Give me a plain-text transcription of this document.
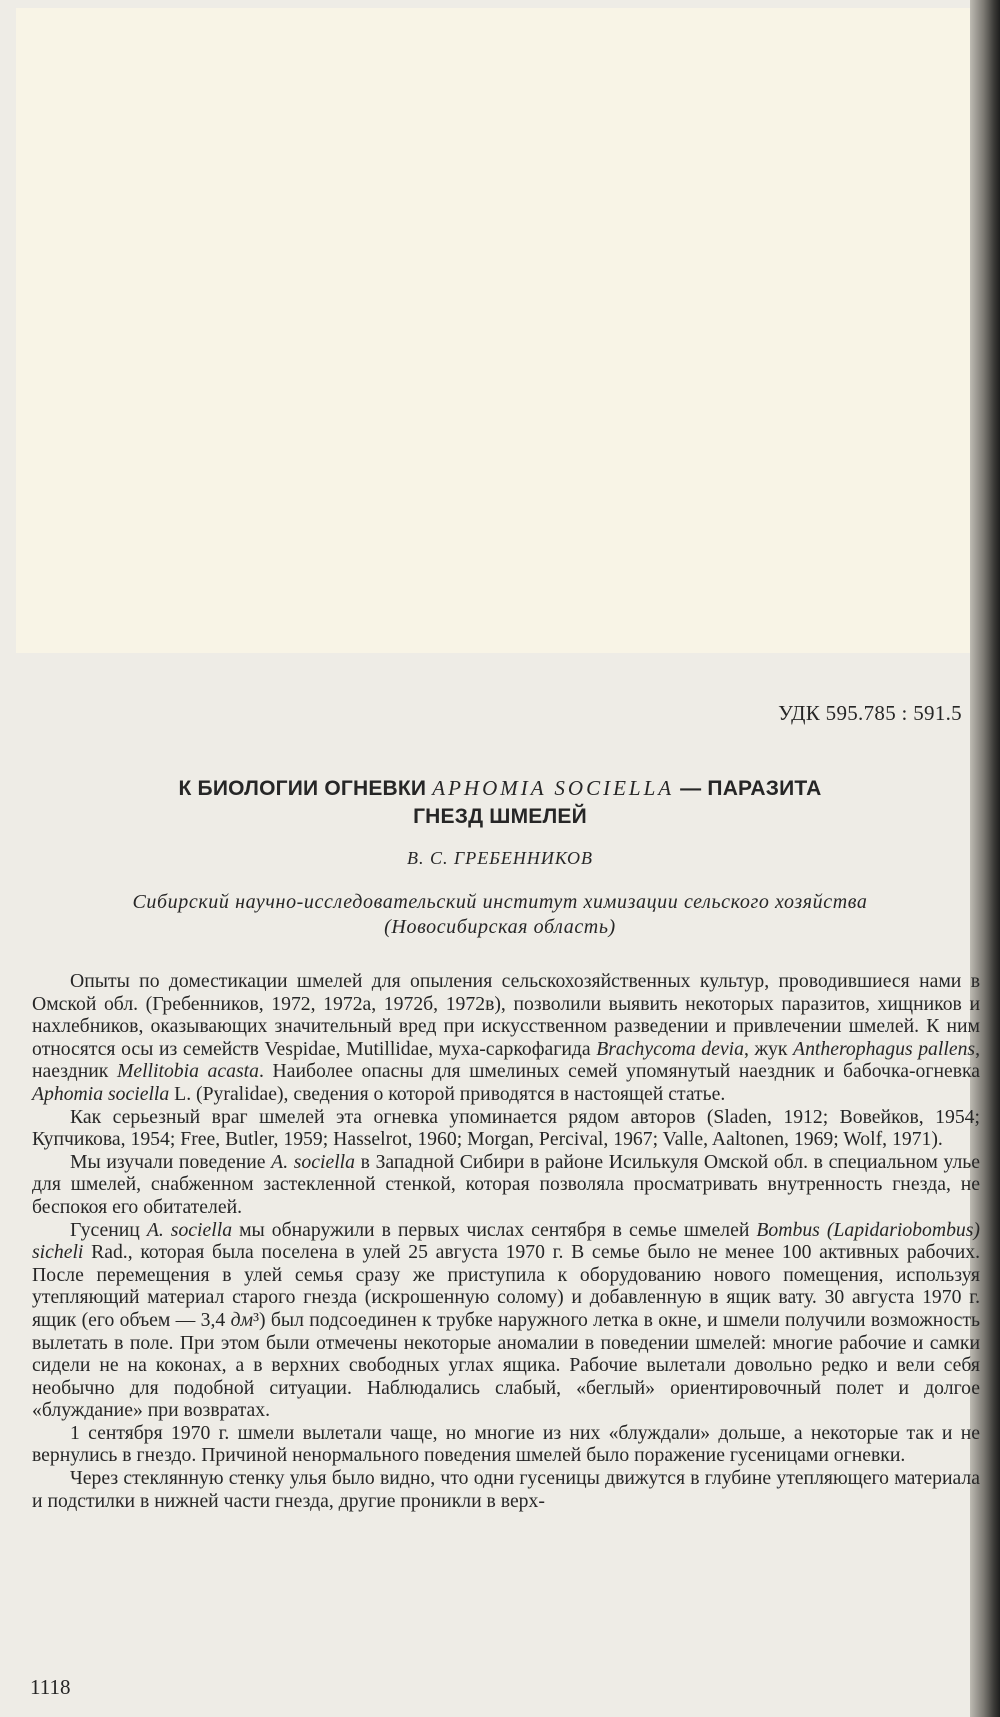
УДК 595.785 : 591.5
К БИОЛОГИИ ОГНЕВКИ APHOMIA SOCIELLA — ПАРАЗИТА
ГНЕЗД ШМЕЛЕЙ
В. С. ГРЕБЕННИКОВ
Сибирский научно-исследовательский институт химизации сельского хозяйства
(Новосибирская область)

Опыты по доместикации шмелей для опыления сельскохозяйственных культур, проводившиеся нами в Омской обл. (Гребенников, 1972, 1972а, 1972б, 1972в), позволили выявить некоторых паразитов, хищников и нахлебников, оказывающих значительный вред при искусственном разведении и привлечении шмелей. К ним относятся осы из семейств Vespidae, Mutillidae, муха-саркофагида Brachycoma devia, жук Antherophagus pallens, наездник Mellitobia acasta. Наиболее опасны для шмелиных семей упомянутый наездник и бабочка-огневка Aphomia sociella L. (Pyralidae), сведения о которой приводятся в настоящей статье.

Как серьезный враг шмелей эта огневка упоминается рядом авторов (Sladen, 1912; Вовейков, 1954; Купчикова, 1954; Free, Butler, 1959; Hasselrot, 1960; Morgan, Percival, 1967; Valle, Aaltonen, 1969; Wolf, 1971).

Мы изучали поведение A. sociella в Западной Сибири в районе Исилькуля Омской обл. в специальном улье для шмелей, снабженном застекленной стенкой, которая позволяла просматривать внутренность гнезда, не беспокоя его обитателей.

Гусениц A. sociella мы обнаружили в первых числах сентября в семье шмелей Bombus (Lapidariobombus) sicheli Rad., которая была поселена в улей 25 августа 1970 г. В семье было не менее 100 активных рабочих. После перемещения в улей семья сразу же приступила к оборудованию нового помещения, используя утепляющий материал старого гнезда (искрошенную солому) и добавленную в ящик вату. 30 августа 1970 г. ящик (его объем — 3,4 дм³) был подсоединен к трубке наружного летка в окне, и шмели получили возможность вылетать в поле. При этом были отмечены некоторые аномалии в поведении шмелей: многие рабочие и самки сидели не на коконах, а в верхних свободных углах ящика. Рабочие вылетали довольно редко и вели себя необычно для подобной ситуации. Наблюдались слабый, «беглый» ориентировочный полет и долгое «блуждание» при возвратах.

1 сентября 1970 г. шмели вылетали чаще, но многие из них «блуждали» дольше, а некоторые так и не вернулись в гнездо. Причиной ненормального поведения шмелей было поражение гусеницами огневки.

Через стеклянную стенку улья было видно, что одни гусеницы движутся в глубине утепляющего материала и подстилки в нижней части гнезда, другие проникли в верх-

1118
